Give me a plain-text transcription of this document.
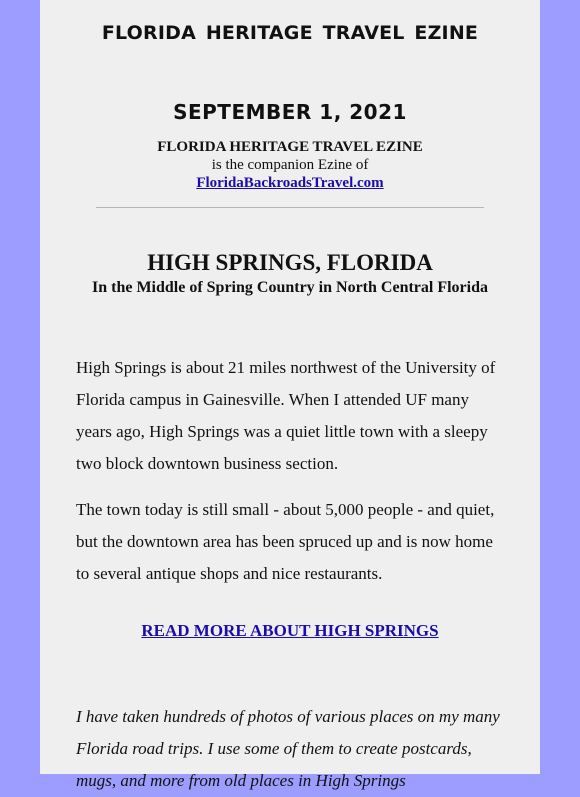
FLORIDA HERITAGE TRAVEL EZINE
SEPTEMBER 1, 2021
FLORIDA HERITAGE TRAVEL EZINE
is the companion Ezine of
FloridaBackroadsTravel.com
HIGH SPRINGS, FLORIDA
In the Middle of Spring Country in North Central Florida

High Springs is about 21 miles northwest of the University of Florida campus in Gainesville. When I attended UF many years ago, High Springs was a quiet little town with a sleepy two block downtown business section.

The town today is still small - about 5,000 people - and quiet, but the downtown area has been spruced up and is now home to several antique shops and nice restaurants.

READ MORE ABOUT HIGH SPRINGS

I have taken hundreds of photos of various places on my many Florida road trips. I use some of them to create postcards, mugs, and more from old places in High Springs
